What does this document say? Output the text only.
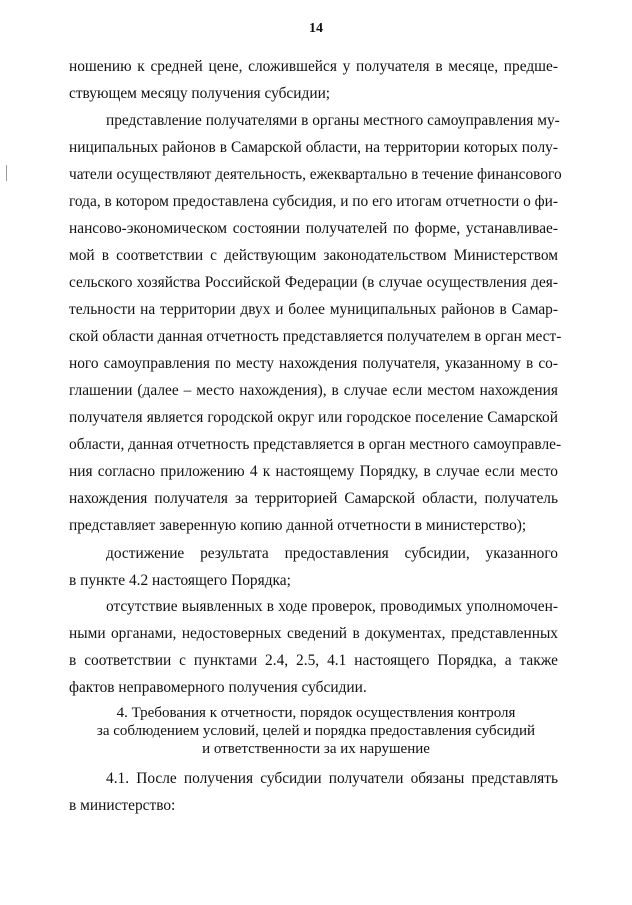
14
ношению к средней цене, сложившейся у получателя в месяце, предше-
ствующем месяцу получения субсидии;
представление получателями в органы местного самоуправления му-
ниципальных районов в Самарской области, на территории которых полу-
чатели осуществляют деятельность, ежеквартально в течение финансового
года, в котором предоставлена субсидия, и по его итогам отчетности о фи-
нансово-экономическом состоянии получателей по форме, устанавливае-
мой в соответствии с действующим законодательством Министерством
сельского хозяйства Российской Федерации (в случае осуществления дея-
тельности на территории двух и более муниципальных районов в Самар-
ской области данная отчетность представляется получателем в орган мест-
ного самоуправления по месту нахождения получателя, указанному в со-
глашении (далее – место нахождения), в случае если местом нахождения
получателя является городской округ или городское поселение Самарской
области, данная отчетность представляется в орган местного самоуправле-
ния согласно приложению 4 к настоящему Порядку, в случае если место
нахождения получателя за территорией Самарской области, получатель
представляет заверенную копию данной отчетности в министерство);
достижение результата предоставления субсидии, указанного
в пункте 4.2 настоящего Порядка;
отсутствие выявленных в ходе проверок, проводимых уполномочен-
ными органами, недостоверных сведений в документах, представленных
в соответствии с пунктами 2.4, 2.5, 4.1 настоящего Порядка, а также
фактов неправомерного получения субсидии.
4. Требования к отчетности, порядок осуществления контроля
за соблюдением условий, целей и порядка предоставления субсидий
и ответственности за их нарушение
4.1. После получения субсидии получатели обязаны представлять
в министерство:
